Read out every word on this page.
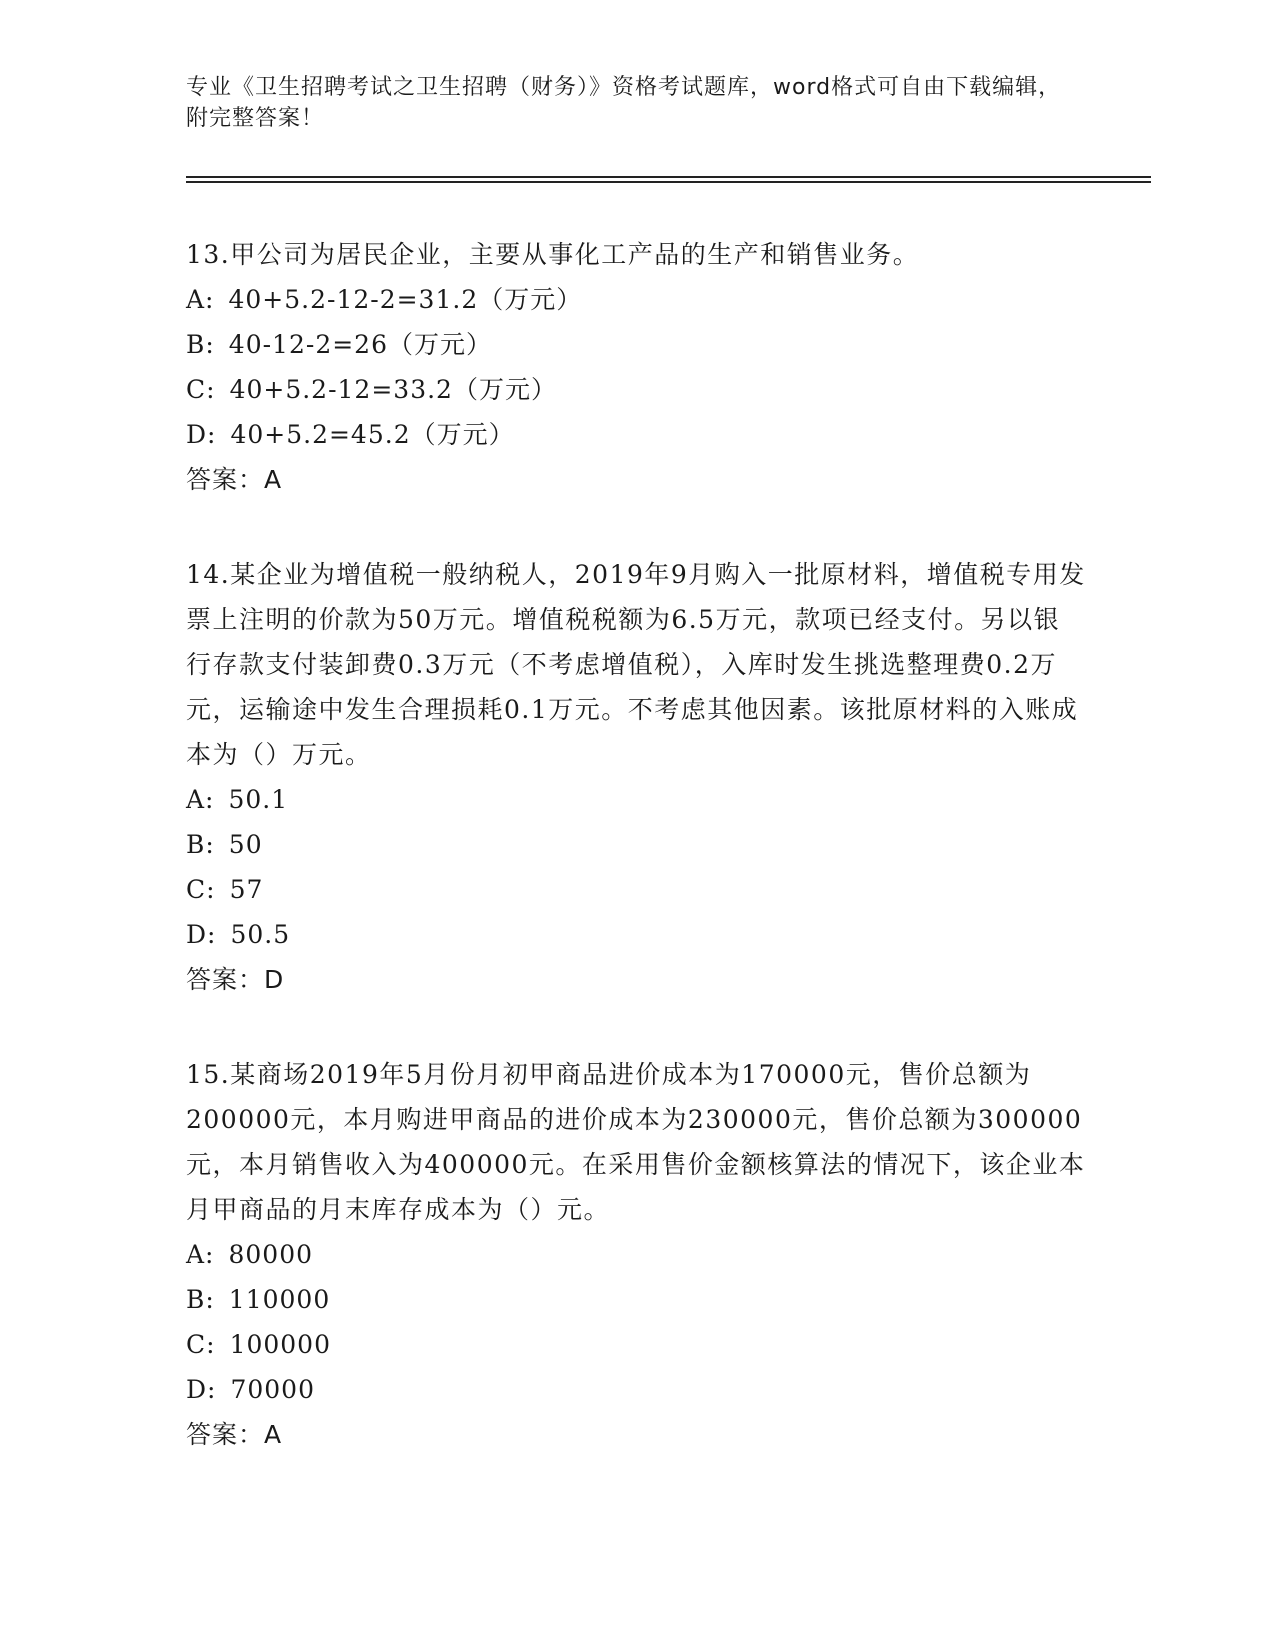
专业《卫生招聘考试之卫生招聘（财务）》资格考试题库，word格式可自由下载编辑，附完整答案！
13.甲公司为居民企业，主要从事化工产品的生产和销售业务。
A: 40+5.2-12-2=31.2（万元）
B: 40-12-2=26（万元）
C: 40+5.2-12=33.2（万元）
D: 40+5.2=45.2（万元）
答案：A
14.某企业为增值税一般纳税人，2019年9月购入一批原材料，增值税专用发票上注明的价款为50万元。增值税税额为6.5万元，款项已经支付。另以银行存款支付装卸费0.3万元（不考虑增值税），入库时发生挑选整理费0.2万元，运输途中发生合理损耗0.1万元。不考虑其他因素。该批原材料的入账成本为（）万元。
A: 50.1
B: 50
C: 57
D: 50.5
答案：D
15.某商场2019年5月份月初甲商品进价成本为170000元，售价总额为200000元，本月购进甲商品的进价成本为230000元，售价总额为300000元，本月销售收入为400000元。在采用售价金额核算法的情况下，该企业本月甲商品的月末库存成本为（）元。
A: 80000
B: 110000
C: 100000
D: 70000
答案：A
